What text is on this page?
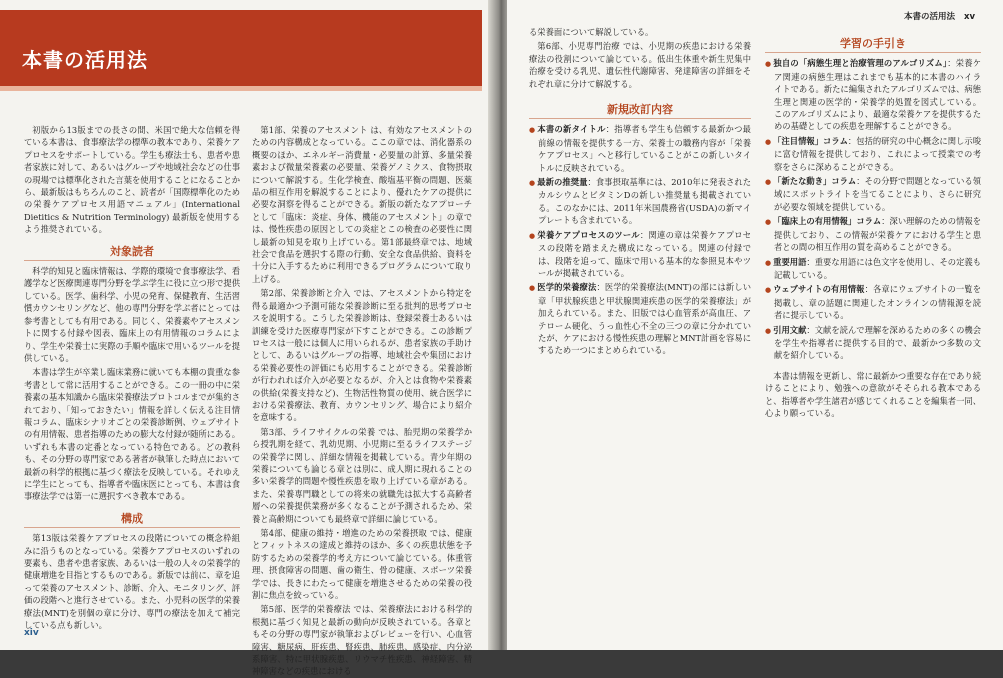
本書の活用法

初版から13版までの長さの間、米国で絶大な信頼を得ている本書は、食事療法学の標準の教本であり、栄養ケアプロセスをサポートしている。学生も療法士も、患者や患者家族に対して、あるいはグループや地域社会などの仕事の現場では標準化された言葉を使用することになることから、最新版はもちろんのこと、読者が「国際標準化のための栄養ケアプロセス用語マニュアル」(International Dietitics & Nutrition Terminology) 最新版を使用するよう推奨されている。

対象読者

科学的知見と臨床情報は、学際的環境で食事療法学、看護学など医療関連専門分野を学ぶ学生に役に立つ形で提供している。医学、歯科学、小児の発育、保健教育、生活習慣カウンセリングなど、他の専門分野を学ぶ者にとっては参考書としても有用である。同じく、栄養素やアセスメントに関する付録や図表、臨床上の有用情報のコラムにより、学生や栄養士に実際の手順や臨床で用いるツールを提供している。

本書は学生が卒業し臨床業務に就いても本棚の貴重な参考書として常に活用することができる。この一冊の中に栄養素の基本知識から臨床栄養療法プロトコルまでが集約されており、「知っておきたい」情報を詳しく伝える注目情報コラム、臨床シナリオごとの栄養診断例、ウェブサイトの有用情報、患者指導のための膨大な付録が随所にある。いずれも本書の定番となっている特色である。どの教科も、その分野の専門家である著者が執筆した時点において最新の科学的根拠に基づく療法を反映している。それゆえに学生にとっても、指導者や臨床医にとっても、本書は食事療法学では第一に選択すべき教本である。

構成

第13版は栄養ケアプロセスの段階についての概念枠組みに沿うものとなっている。栄養ケアプロセスのいずれの要素も、患者や患者家族、あるいは一般の人々の栄養学的健康増進を目指とするものである。新版では前に、章を追って栄養のアセスメント、診断、介入、モニタリング、評価の段階へと進行させている。また、小児科の医学的栄養療法(MNT)を別個の章に分け、専門の療法を加えて補完している点も新しい。

第1部、栄養のアセスメント は、有効なアセスメントのための内容構成となっている。ここの章では、消化器系の概要のほか、エネルギー消費量・必要量の計算、多量栄養素および微量栄養素の必要量、栄養ゲノミクス、食物摂取について解説する。生化学検査、酸塩基平衡の問題、医薬品の相互作用を解説することにより、優れたケアの提供に必要な洞察を得ることができる。新版の新たなアプローチとして「臨床：炎症、身体、機能のアセスメント」の章では、慢性疾患の原因としての炎症とこの検査の必要性に関し最新の知見を取り上げている。第1部最終章では、地域社会で食品を選択する際の行動、安全な食品供給、資料を十分に入手するために利用できるプログラムについて取り上げる。

第2部、栄養診断と介入 では、アセスメントから特定を得る最適かつ予測可能な栄養診断に至る批判的思考プロセスを説明する。こうした栄養診断は、登録栄養士あるいは訓練を受けた医療専門家が下すことができる。この診断プロセスは一般には個人に用いられるが、患者家族の手助けとして、あるいはグループの指導、地域社会や集団における栄養必要性の評価にも応用することができる。栄養診断が行われれば介入が必要となるが、介入とは食物や栄養素の供給(栄養支持など)、生物活性物質の使用、統合医学における栄養療法、教育、カウンセリング、場合により紹介を意味する。

第3部、ライフサイクルの栄養 では、胎児期の栄養学から授乳期を経て、乳幼児期、小児期に至るライフステージの栄養学に関し、詳細な情報を掲載している。青少年期の栄養についても論じる章とは別に、成人期に現れることの多い栄養学的問題や慢性疾患を取り上げている章がある。また、栄養専門職としての将来の就職先は拡大する高齢者層への栄養提供業務が多くなることが予測されるため、栄養と高齢期についても最終章で詳細に論じている。

第4部、健康の維持・増進のための栄養摂取 では、健康とフィットネスの達成と維持のほか、多くの疾患状態を予防するための栄養学的考え方について論じている。体重管理、摂食障害の問題、歯の衛生、骨の健康、スポーツ栄養学では、長きにわたって健康を増進させるための栄養の役割に焦点を絞っている。

第5部、医学的栄養療法 では、栄養療法における科学的根拠に基づく知見と最新の動向が反映されている。各章ともその分野の専門家が執筆およびレビューを行い、心血管障害、糖尿病、肝疾患、腎疾患、肺疾患、感染症、内分泌系障害、特に甲状腺疾患、リウマチ性疾患、神経障害、精神障害などの疾患における

xiv
本書の活用法 xv

る栄養面について解説している。

第6部、小児専門治療 では、小児期の疾患における栄養療法の役割について論じている。低出生体重や新生児集中治療を受ける乳児、遺伝性代謝障害、発達障害の詳細をそれぞれ章に分けて解説する。

新規改訂内容
● 本書の新タイトル：指導者も学生も信頼する最新かつ最前線の情報を提供する一方、栄養士の職務内容が「栄養ケアプロセス」へと移行していることがこの新しいタイトルに反映されている。
● 最新の推奨量：食事摂取基準には、2010年に発表されたカルシウムとビタミンDの新しい推奨量も掲載されている。このなかには、2011年米国農務省(USDA)の新マイプレートも含まれている。
● 栄養ケアプロセスのツール：関連の章は栄養ケアプロセスの段階を踏まえた構成になっている。関連の付録では、段階を追って、臨床で用いる基本的な参照見本やツールが掲載されている。
● 医学的栄養療法：医学的栄養療法(MNT)の部には新しい章「甲状腺疾患と甲状腺関連疾患の医学的栄養療法」が加えられている。また、旧版では心血管系が高血圧、アテローム硬化、うっ血性心不全の三つの章に分かれていたが、ケアにおける慢性疾患の理解とMNT計画を容易にするため一つにまとめられている。
学習の手引き
● 独自の「病態生理と治療管理のアルゴリズム」：栄養ケア関連の病態生理はこれまでも基本的に本書のハイライトである。新たに編集されたアルゴリズムでは、病態生理と関連の医学的・栄養学的処置を図式している。このアルゴリズムにより、最適な栄養ケアを提供するための基礎としての疾患を理解することができる。
● 「注目情報」コラム：包括的研究の中心概念に関し示唆に富む情報を提供しており、これによって授業での考察をさらに深めることができる。
● 「新たな動き」コラム：その分野で問題となっている領域にスポットライトを当てることにより、さらに研究が必要な領域を提供している。
● 「臨床上の有用情報」コラム：深い理解のための情報を提供しており、この情報が栄養ケアにおける学生と患者との間の相互作用の質を高めることができる。
● 重要用語：重要な用語には色文字を使用し、その定義も記載している。
● ウェブサイトの有用情報：各章にウェブサイトの一覧を掲載し、章の話題に関連したオンラインの情報源を読者に提示している。
● 引用文献：文献を読んで理解を深めるための多くの機会を学生や指導者に提供する目的で、最新かつ多数の文献を紹介している。

本書は情報を更新し、常に最新かつ重要な存在であり続けることにより、勉強への意欲がそそられる教本であると、指導者や学生諸君が感じてくれることを編集者一同、心より願っている。
